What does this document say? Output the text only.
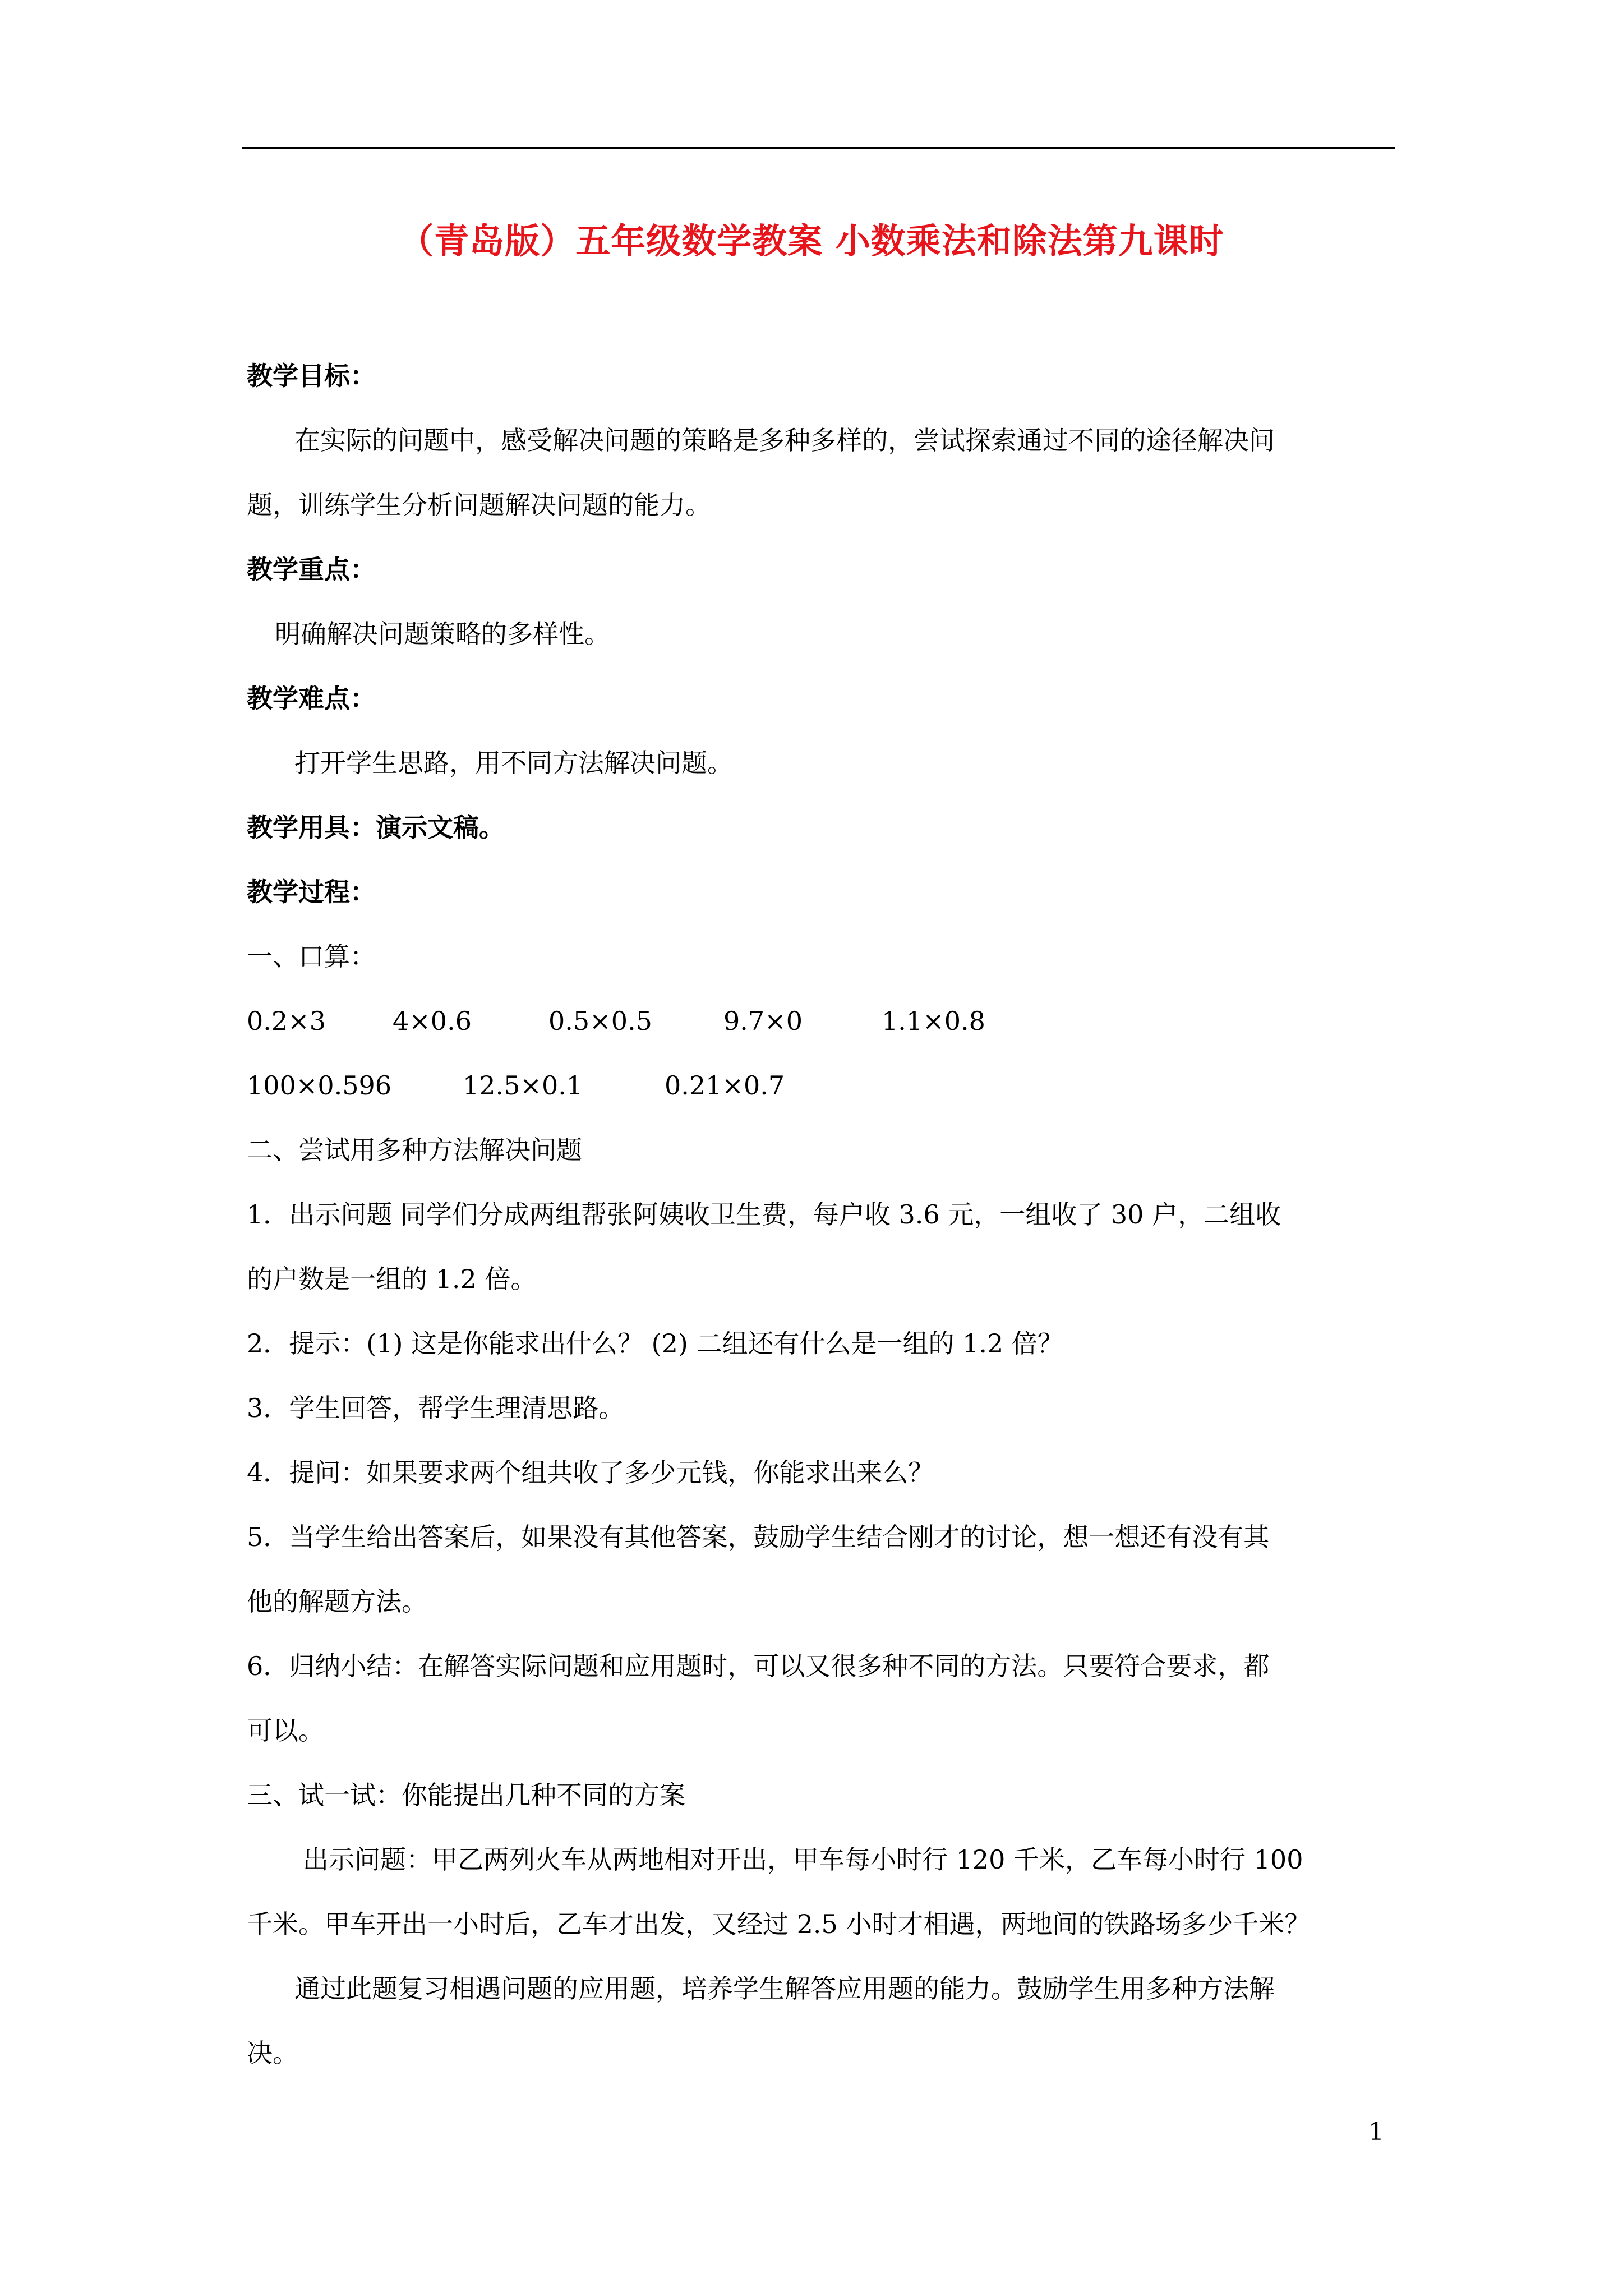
（青岛版）五年级数学教案 小数乘法和除法第九课时
教学目标：
在实际的问题中，感受解决问题的策略是多种多样的，尝试探索通过不同的途径解决问
题，训练学生分析问题解决问题的能力。
教学重点：
明确解决问题策略的多样性。
教学难点：
打开学生思路，用不同方法解决问题。
教学用具：演示文稿。
教学过程：
一、口算：
0.2×3	4×0.6	0.5×0.5	9.7×0	1.1×0.8
100×0.596	12.5×0.1	0.21×0.7
二、尝试用多种方法解决问题
1．出示问题 同学们分成两组帮张阿姨收卫生费，每户收 3.6 元，一组收了 30 户，二组收
的户数是一组的 1.2 倍。
2．提示：(1) 这是你能求出什么？ (2) 二组还有什么是一组的 1.2 倍？
3．学生回答，帮学生理清思路。
4．提问：如果要求两个组共收了多少元钱，你能求出来么？
5．当学生给出答案后，如果没有其他答案，鼓励学生结合刚才的讨论，想一想还有没有其
他的解题方法。
6．归纳小结：在解答实际问题和应用题时，可以又很多种不同的方法。只要符合要求，都
可以。
三、试一试：你能提出几种不同的方案
出示问题：甲乙两列火车从两地相对开出，甲车每小时行 120 千米，乙车每小时行 100
千米。甲车开出一小时后，乙车才出发，又经过 2.5 小时才相遇，两地间的铁路场多少千米？
通过此题复习相遇问题的应用题，培养学生解答应用题的能力。鼓励学生用多种方法解
决。
1
